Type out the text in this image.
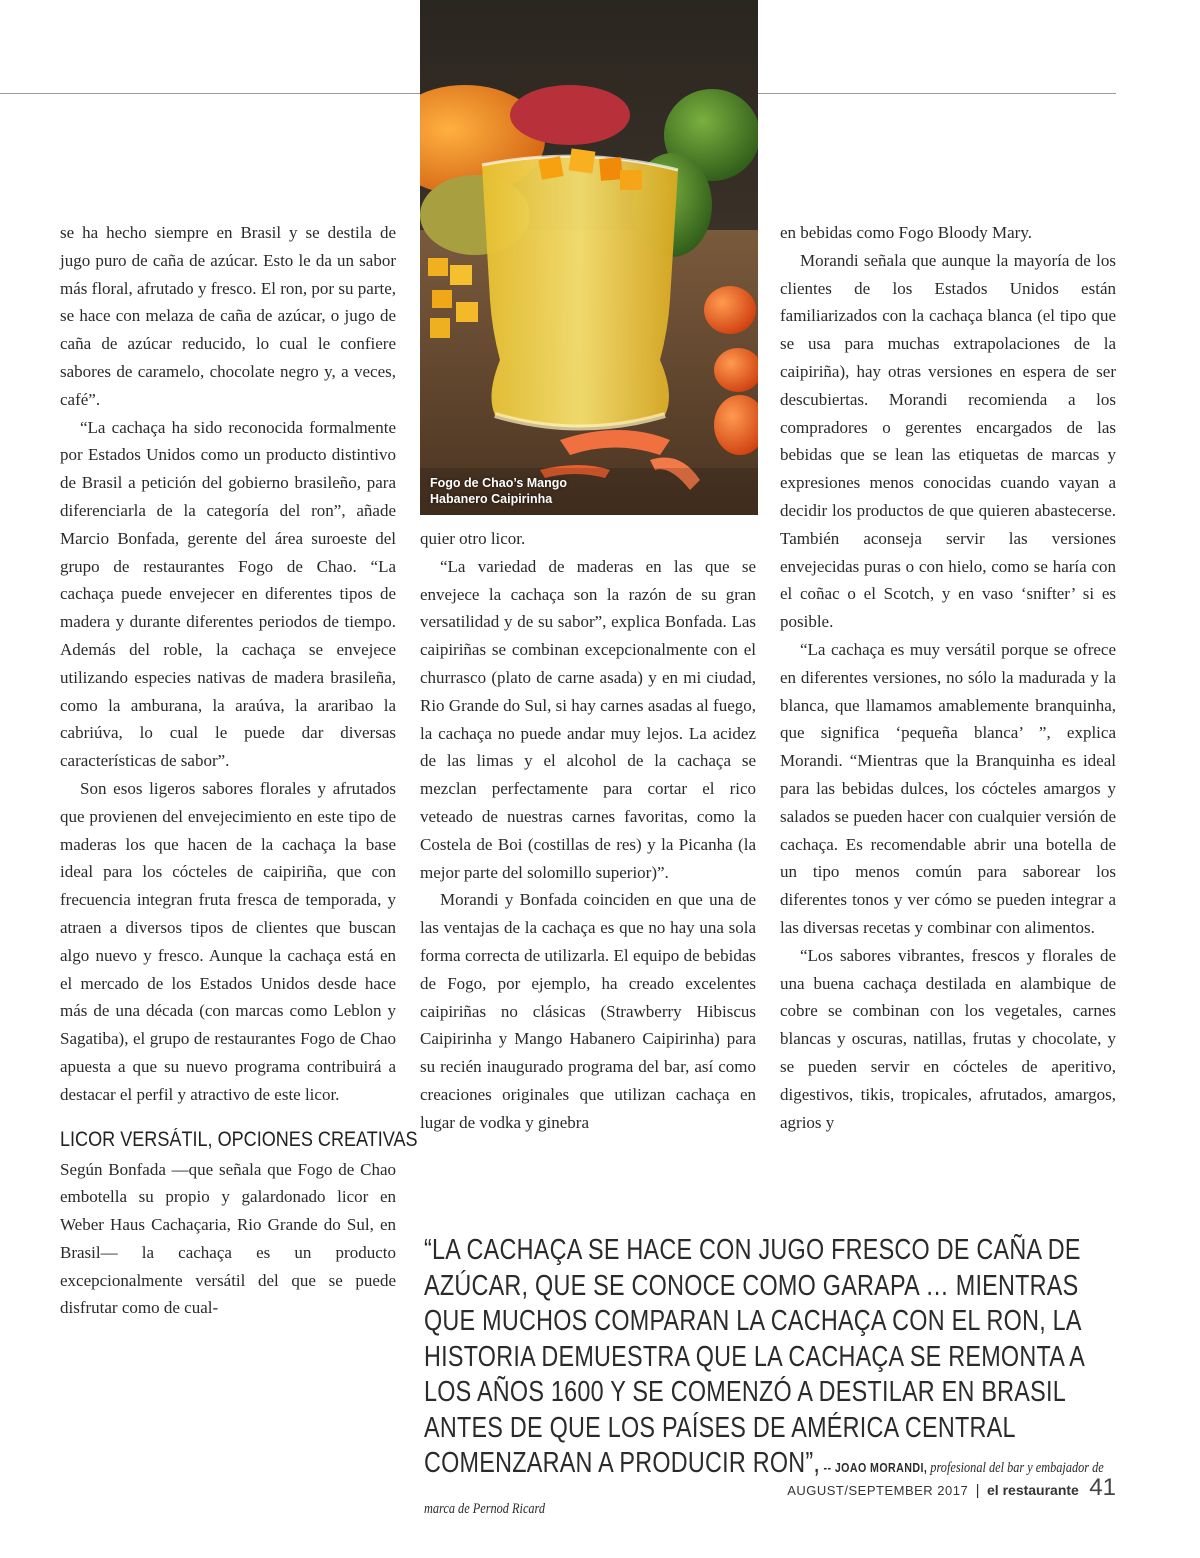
Fogo de Chao’s Mango
Habanero Caipirinha

se ha hecho siempre en Brasil y se destila de jugo puro de caña de azúcar. Esto le da un sabor más floral, afrutado y fresco. El ron, por su parte, se hace con melaza de caña de azúcar, o jugo de caña de azúcar reducido, lo cual le confiere sabores de caramelo, chocolate negro y, a veces, café”.

“La cachaça ha sido reconocida formalmente por Estados Unidos como un producto distintivo de Brasil a petición del gobierno brasileño, para diferenciarla de la categoría del ron”, añade Marcio Bonfada, gerente del área suroeste del grupo de restaurantes Fogo de Chao. “La cachaça puede envejecer en diferentes tipos de madera y durante diferentes periodos de tiempo. Además del roble, la cachaça se envejece utilizando especies nativas de madera brasileña, como la amburana, la araúva, la araribao la cabriúva, lo cual le puede dar diversas características de sabor”.

Son esos ligeros sabores florales y afrutados que provienen del envejecimiento en este tipo de maderas los que hacen de la cachaça la base ideal para los cócteles de caipiriña, que con frecuencia integran fruta fresca de temporada, y atraen a diversos tipos de clientes que buscan algo nuevo y fresco. Aunque la cachaça está en el mercado de los Estados Unidos desde hace más de una década (con marcas como Leblon y Sagatiba), el grupo de restaurantes Fogo de Chao apuesta a que su nuevo programa contribuirá a destacar el perfil y atractivo de este licor.

LICOR VERSÁTIL, OPCIONES CREATIVAS

Según Bonfada —que señala que Fogo de Chao embotella su propio y galardonado licor en Weber Haus Cachaçaria, Rio Grande do Sul, en Brasil— la cachaça es un producto excepcionalmente versátil del que se puede disfrutar como de cual-

quier otro licor.

“La variedad de maderas en las que se envejece la cachaça son la razón de su gran versatilidad y de su sabor”, explica Bonfada. Las caipiriñas se combinan excepcionalmente con el churrasco (plato de carne asada) y en mi ciudad, Rio Grande do Sul, si hay carnes asadas al fuego, la cachaça no puede andar muy lejos. La acidez de las limas y el alcohol de la cachaça se mezclan perfectamente para cortar el rico veteado de nuestras carnes favoritas, como la Costela de Boi (costillas de res) y la Picanha (la mejor parte del solomillo superior)”.

Morandi y Bonfada coinciden en que una de las ventajas de la cachaça es que no hay una sola forma correcta de utilizarla. El equipo de bebidas de Fogo, por ejemplo, ha creado excelentes caipiriñas no clásicas (Strawberry Hibiscus Caipirinha y Mango Habanero Caipirinha) para su recién inaugurado programa del bar, así como creaciones originales que utilizan cachaça en lugar de vodka y ginebra

en bebidas como Fogo Bloody Mary.

Morandi señala que aunque la mayoría de los clientes de los Estados Unidos están familiarizados con la cachaça blanca (el tipo que se usa para muchas extrapolaciones de la caipiriña), hay otras versiones en espera de ser descubiertas. Morandi recomienda a los compradores o gerentes encargados de las bebidas que se lean las etiquetas de marcas y expresiones menos conocidas cuando vayan a decidir los productos de que quieren abastecerse. También aconseja servir las versiones envejecidas puras o con hielo, como se haría con el coñac o el Scotch, y en vaso ‘snifter’ si es posible.

“La cachaça es muy versátil porque se ofrece en diferentes versiones, no sólo la madurada y la blanca, que llamamos amablemente branquinha, que significa ‘pequeña blanca’ ”, explica Morandi. “Mientras que la Branquinha es ideal para las bebidas dulces, los cócteles amargos y salados se pueden hacer con cualquier versión de cachaça. Es recomendable abrir una botella de un tipo menos común para saborear los diferentes tonos y ver cómo se pueden integrar a las diversas recetas y combinar con alimentos.

“Los sabores vibrantes, frescos y florales de una buena cachaça destilada en alambique de cobre se combinan con los vegetales, carnes blancas y oscuras, natillas, frutas y chocolate, y se pueden servir en cócteles de aperitivo, digestivos, tikis, tropicales, afrutados, amargos, agrios y

“LA CACHAÇA SE HACE CON JUGO FRESCO DE CAÑA DE AZÚCAR, QUE SE CONOCE COMO GARAPA … MIENTRAS QUE MUCHOS COMPARAN LA CACHAÇA CON EL RON, LA HISTORIA DEMUESTRA QUE LA CACHAÇA SE REMONTA A LOS AÑOS 1600 Y SE COMENZÓ A DESTILAR EN BRASIL ANTES DE QUE LOS PAÍSES DE AMÉRICA CENTRAL COMENZARAN A PRODUCIR RON”, -- JOAO MORANDI, profesional del bar y embajador de marca de Pernod Ricard
AUGUST/SEPTEMBER 2017 | el restaurante 41
